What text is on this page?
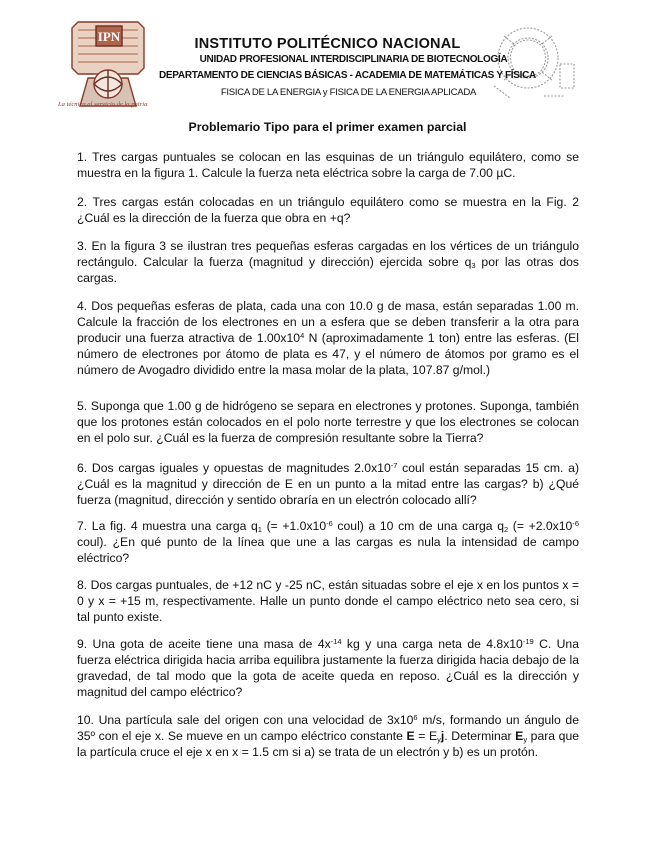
IPN
La técnica al servicio de la patria
INSTITUTO POLITÉCNICO NACIONAL
UNIDAD PROFESIONAL INTERDISCIPLINARIA DE BIOTECNOLOGÍA
DEPARTAMENTO DE CIENCIAS BÁSICAS - ACADEMIA DE MATEMÁTICAS Y FÍSICA
FISICA DE LA ENERGIA y FISICA DE LA ENERGIA APLICADA
Problemario Tipo para el primer examen parcial

1. Tres cargas puntuales se colocan en las esquinas de un triángulo equilátero, como se muestra en la figura 1. Calcule la fuerza neta eléctrica sobre la carga de 7.00 µC.

2. Tres cargas están colocadas en un triángulo equilátero como se muestra en la Fig. 2 ¿Cuál es la dirección de la fuerza que obra en +q?

3. En la figura 3 se ilustran tres pequeñas esferas cargadas en los vértices de un triángulo rectángulo. Calcular la fuerza (magnitud y dirección) ejercida sobre $q_3$ por las otras dos cargas.

4. Dos pequeñas esferas de plata, cada una con 10.0 g de masa, están separadas 1.00 m. Calcule la fracción de los electrones en un a esfera que se deben transferir a la otra para producir una fuerza atractiva de $1.00x10^4$ N (aproximadamente 1 ton) entre las esferas. (El número de electrones por átomo de plata es 47, y el número de átomos por gramo es el número de Avogadro dividido entre la masa molar de la plata, 107.87 g/mol.)

5. Suponga que 1.00 g de hidrógeno se separa en electrones y protones. Suponga, también que los protones están colocados en el polo norte terrestre y que los electrones se colocan en el polo sur. ¿Cuál es la fuerza de compresión resultante sobre la Tierra?

6. Dos cargas iguales y opuestas de magnitudes $2.0x10^{-7}$ coul están separadas 15 cm. a) ¿Cuál es la magnitud y dirección de E en un punto a la mitad entre las cargas? b) ¿Qué fuerza (magnitud, dirección y sentido obraría en un electrón colocado allí?

7. La fig. 4 muestra una carga $q_1$ (= $+1.0x10^{-6}$ coul) a 10 cm de una carga $q_2$ (= $+2.0x10^{-6}$ coul). ¿En qué punto de la línea que une a las cargas es nula la intensidad de campo eléctrico?

8. Dos cargas puntuales, de +12 nC y -25 nC, están situadas sobre el eje x en los puntos x = 0 y x = +15 m, respectivamente. Halle un punto donde el campo eléctrico neto sea cero, si tal punto existe.

9. Una gota de aceite tiene una masa de $4x^{-14}$ kg y una carga neta de $4.8x10^{-19}$ C. Una fuerza eléctrica dirigida hacia arriba equilibra justamente la fuerza dirigida hacia debajo de la gravedad, de tal modo que la gota de aceite queda en reposo. ¿Cuál es la dirección y magnitud del campo eléctrico?

10. Una partícula sale del origen con una velocidad de $3x10^6$ m/s, formando un ángulo de 35º con el eje x. Se mueve en un campo eléctrico constante $E = E_yj$. Determinar $E_y$ para que la partícula cruce el eje x en x = 1.5 cm si a) se trata de un electrón y b) es un protón.
